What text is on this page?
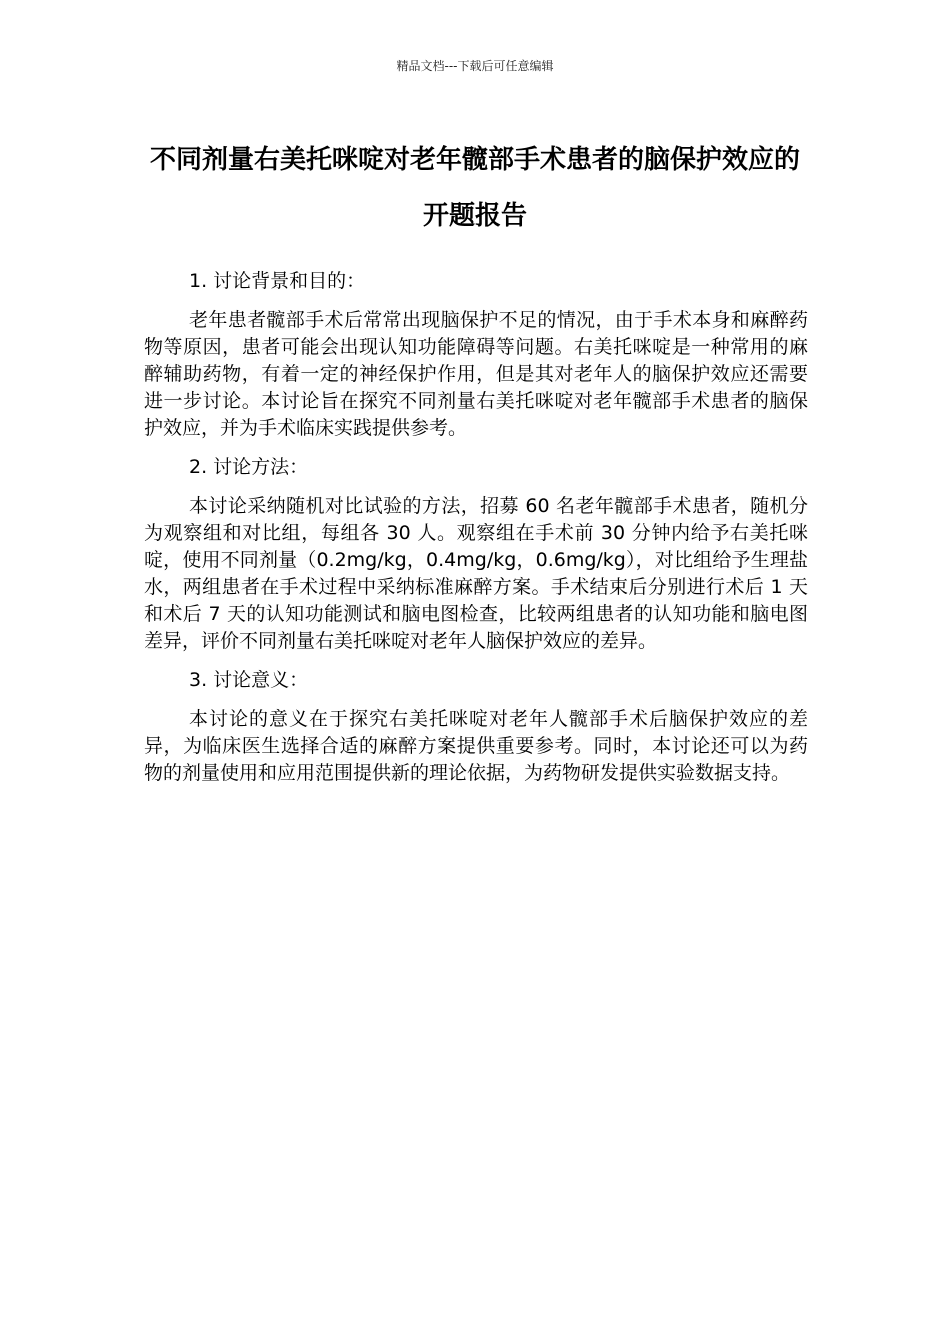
精品文档---下载后可任意编辑
不同剂量右美托咪啶对老年髋部手术患者的脑保护效应的开题报告

1. 讨论背景和目的：

老年患者髋部手术后常常出现脑保护不足的情况，由于手术本身和麻醉药物等原因，患者可能会出现认知功能障碍等问题。右美托咪啶是一种常用的麻醉辅助药物，有着一定的神经保护作用，但是其对老年人的脑保护效应还需要进一步讨论。本讨论旨在探究不同剂量右美托咪啶对老年髋部手术患者的脑保护效应，并为手术临床实践提供参考。

2. 讨论方法：

本讨论采纳随机对比试验的方法，招募 60 名老年髋部手术患者，随机分为观察组和对比组，每组各 30 人。观察组在手术前 30 分钟内给予右美托咪啶，使用不同剂量（0.2mg/kg，0.4mg/kg，0.6mg/kg），对比组给予生理盐水，两组患者在手术过程中采纳标准麻醉方案。手术结束后分别进行术后 1 天和术后 7 天的认知功能测试和脑电图检查，比较两组患者的认知功能和脑电图差异，评价不同剂量右美托咪啶对老年人脑保护效应的差异。

3. 讨论意义：

本讨论的意义在于探究右美托咪啶对老年人髋部手术后脑保护效应的差异，为临床医生选择合适的麻醉方案提供重要参考。同时，本讨论还可以为药物的剂量使用和应用范围提供新的理论依据，为药物研发提供实验数据支持。
